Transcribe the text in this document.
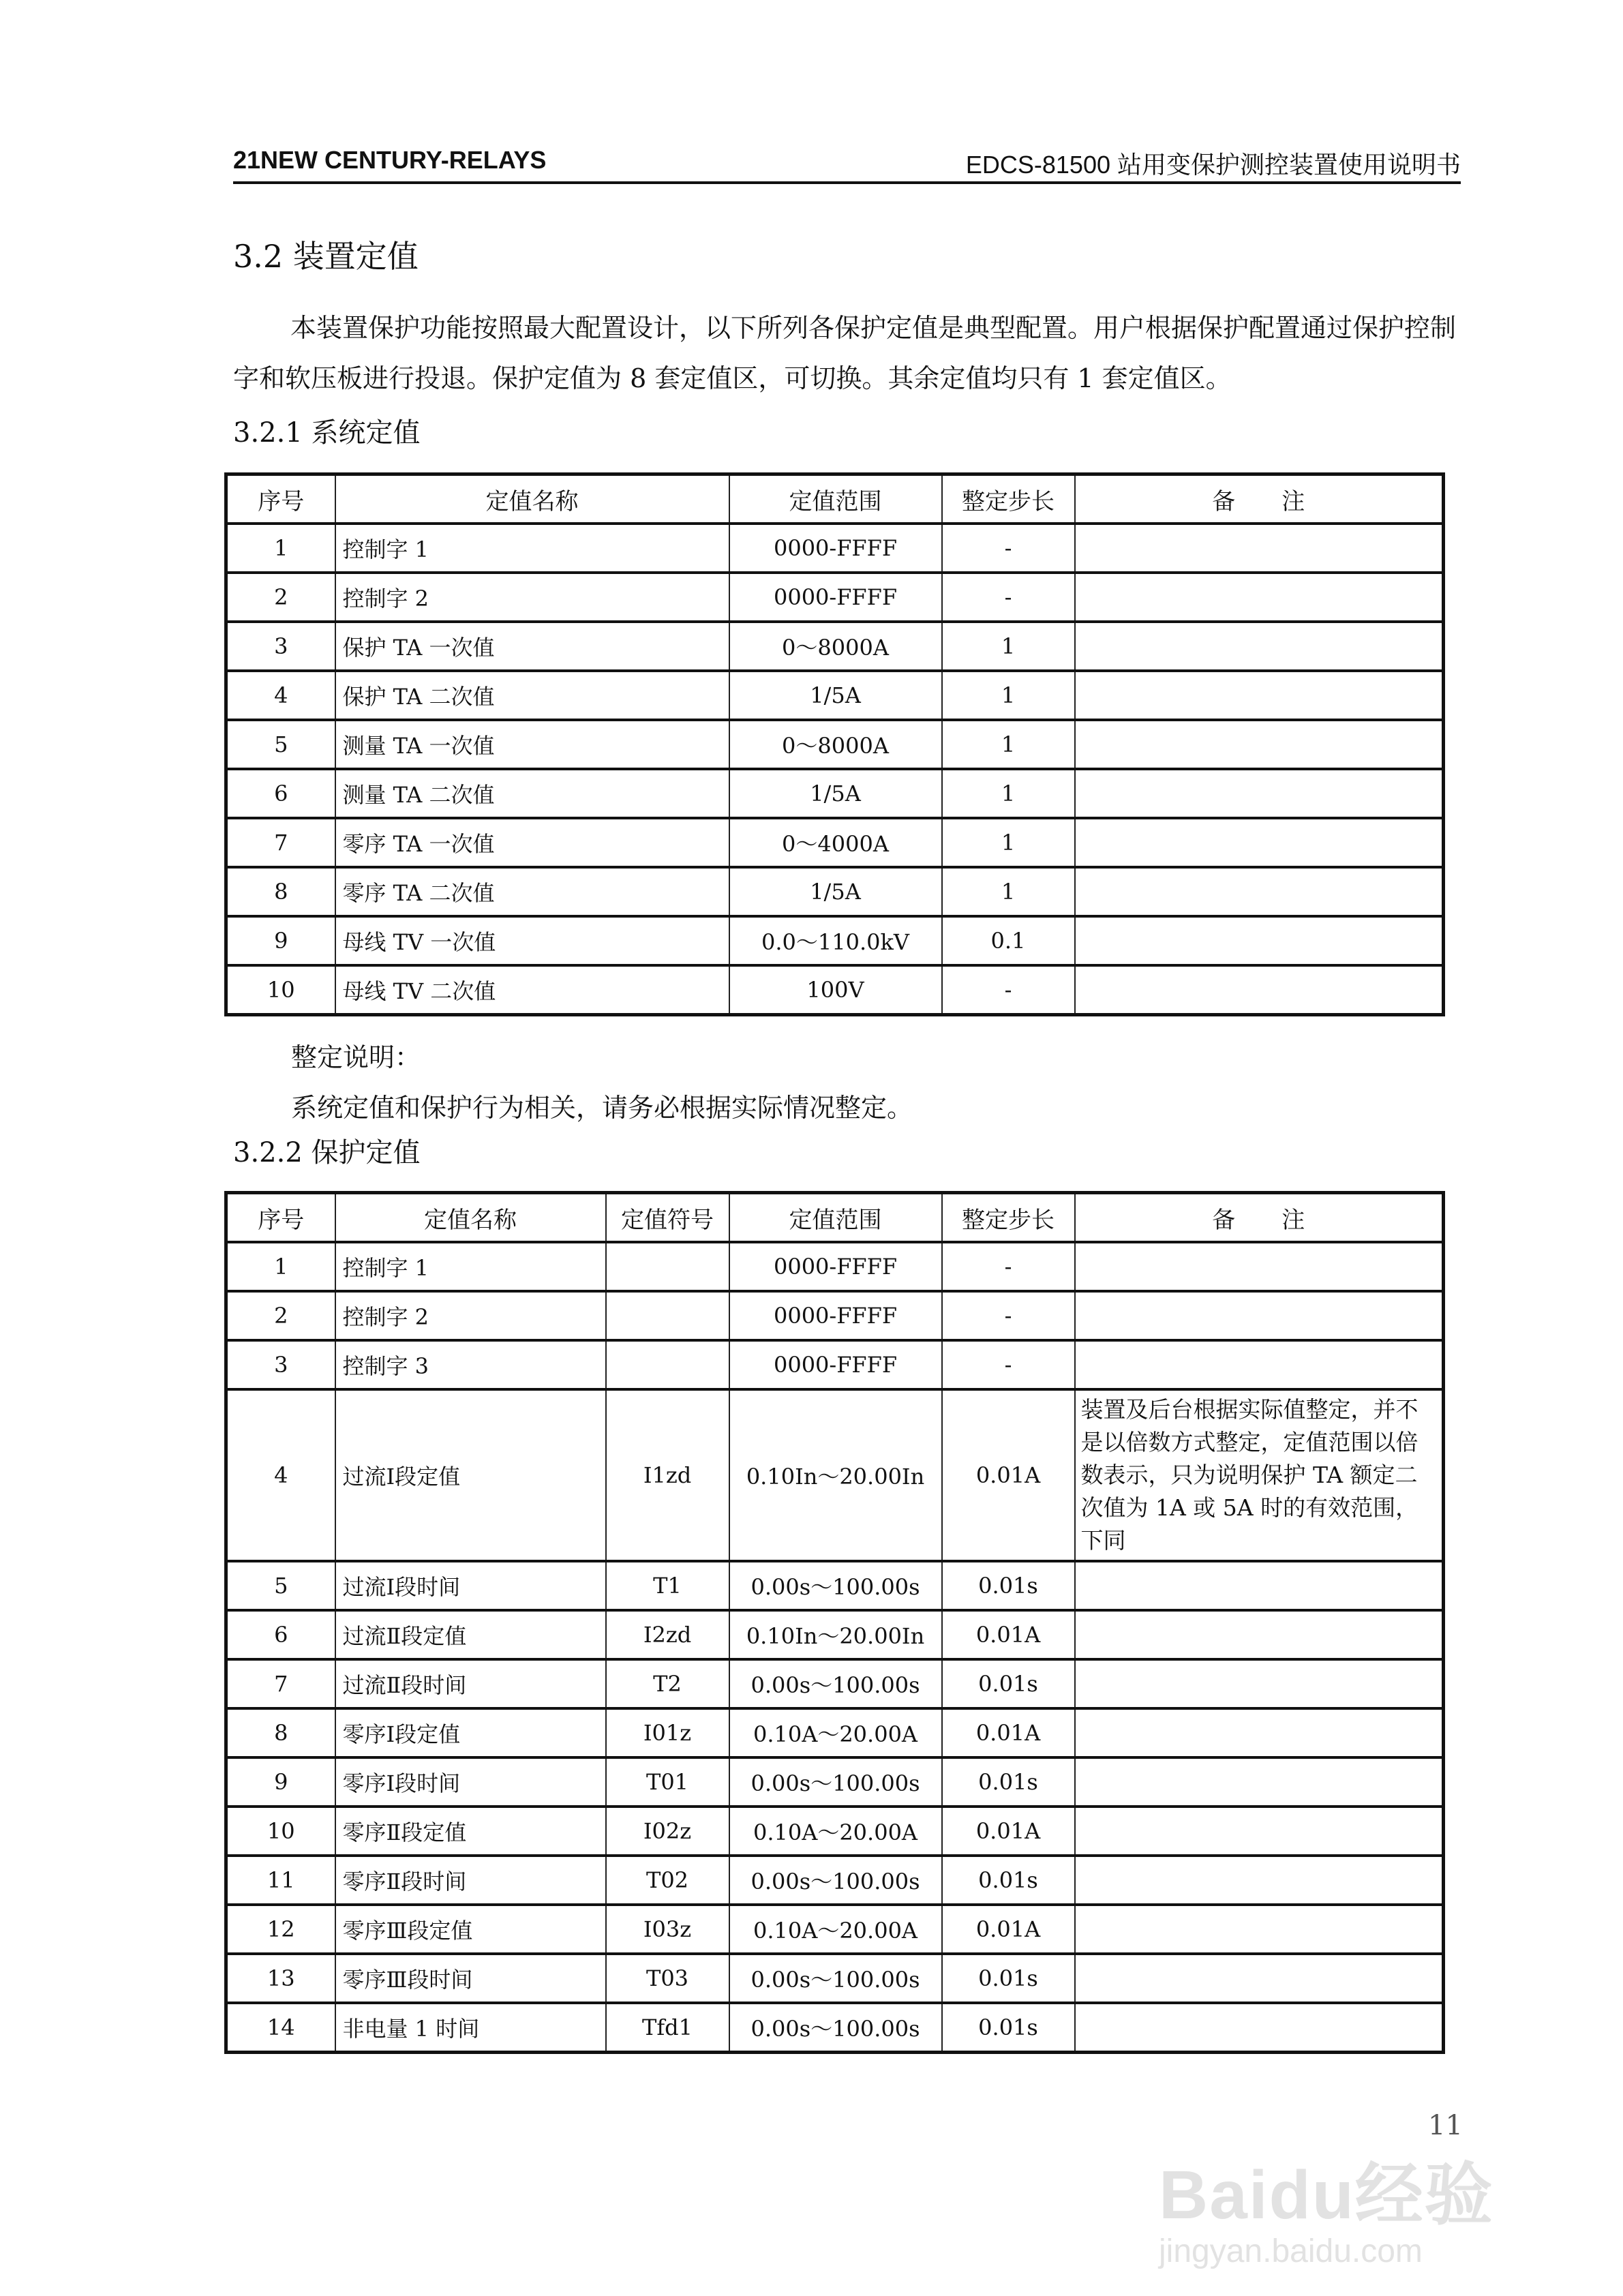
21NEW CENTURY-RELAYS	EDCS-81500 站用变保护测控装置使用说明书
3.2 装置定值
本装置保护功能按照最大配置设计，以下所列各保护定值是典型配置。用户根据保护配置通过保护控制字和软压板进行投退。保护定值为 8 套定值区，可切换。其余定值均只有 1 套定值区。
3.2.1 系统定值
序号	定值名称	定值范围	整定步长	备　　注
1	控制字 1	0000-FFFF	-	
2	控制字 2	0000-FFFF	-	
3	保护 TA 一次值	0～8000A	1	
4	保护 TA 二次值	1/5A	1	
5	测量 TA 一次值	0～8000A	1	
6	测量 TA 二次值	1/5A	1	
7	零序 TA 一次值	0～4000A	1	
8	零序 TA 二次值	1/5A	1	
9	母线 TV 一次值	0.0～110.0kV	0.1	
10	母线 TV 二次值	100V	-	
整定说明：
系统定值和保护行为相关，请务必根据实际情况整定。
3.2.2 保护定值
序号	定值名称	定值符号	定值范围	整定步长	备　　注
1	控制字 1		0000-FFFF	-	
2	控制字 2		0000-FFFF	-	
3	控制字 3		0000-FFFF	-	
4	过流Ⅰ段定值	I1zd	0.10In～20.00In	0.01A	装置及后台根据实际值整定，并不是以倍数方式整定，定值范围以倍数表示，只为说明保护 TA 额定二次值为 1A 或 5A 时的有效范围，下同
5	过流Ⅰ段时间	T1	0.00s～100.00s	0.01s	
6	过流Ⅱ段定值	I2zd	0.10In～20.00In	0.01A	
7	过流Ⅱ段时间	T2	0.00s～100.00s	0.01s	
8	零序Ⅰ段定值	I01z	0.10A～20.00A	0.01A	
9	零序Ⅰ段时间	T01	0.00s～100.00s	0.01s	
10	零序Ⅱ段定值	I02z	0.10A～20.00A	0.01A	
11	零序Ⅱ段时间	T02	0.00s～100.00s	0.01s	
12	零序Ⅲ段定值	I03z	0.10A～20.00A	0.01A	
13	零序Ⅲ段时间	T03	0.00s～100.00s	0.01s	
14	非电量 1 时间	Tfd1	0.00s～100.00s	0.01s	
11
Baidu经验
jingyan.baidu.com
